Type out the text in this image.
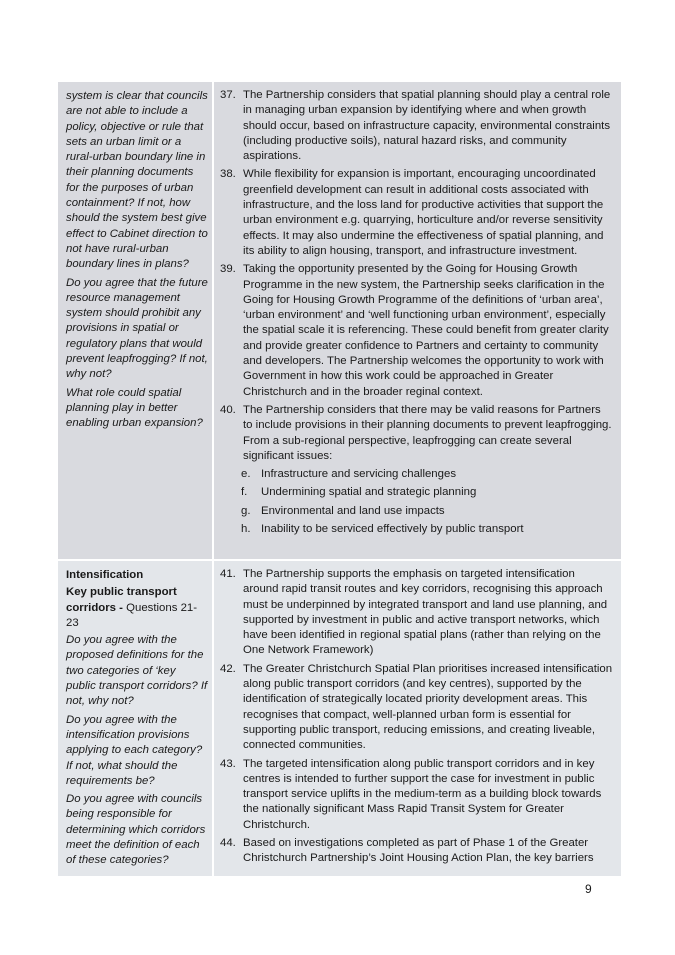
system is clear that councils are not able to include a policy, objective or rule that sets an urban limit or a rural-urban boundary line in their planning documents for the purposes of urban containment? If not, how should the system best give effect to Cabinet direction to not have rural-urban boundary lines in plans?

Do you agree that the future resource management system should prohibit any provisions in spatial or regulatory plans that would prevent leapfrogging? If not, why not?

What role could spatial planning play in better enabling urban expansion?

37. The Partnership considers that spatial planning should play a central role in managing urban expansion by identifying where and when growth should occur, based on infrastructure capacity, environmental constraints (including productive soils), natural hazard risks, and community aspirations.
38. While flexibility for expansion is important, encouraging uncoordinated greenfield development can result in additional costs associated with infrastructure, and the loss land for productive activities that support the urban environment e.g. quarrying, horticulture and/or reverse sensitivity effects. It may also undermine the effectiveness of spatial planning, and its ability to align housing, transport, and infrastructure investment.
39. Taking the opportunity presented by the Going for Housing Growth Programme in the new system, the Partnership seeks clarification in the Going for Housing Growth Programme of the definitions of ‘urban area’, ‘urban environment’ and ‘well functioning urban environment’, especially the spatial scale it is referencing. These could benefit from greater clarity and provide greater confidence to Partners and certainty to community and developers. The Partnership welcomes the opportunity to work with Government in how this work could be approached in Greater Christchurch and in the broader reginal context.
40. The Partnership considers that there may be valid reasons for Partners to include provisions in their planning documents to prevent leapfrogging. From a sub-regional perspective, leapfrogging can create several significant issues:
e. Infrastructure and servicing challenges
f.	Undermining spatial and strategic planning
g. Environmental and land use impacts
h. Inability to be serviced effectively by public transport

Intensification

Key public transport corridors - Questions 21-23

Do you agree with the proposed definitions for the two categories of ‘key public transport corridors? If not, why not?

Do you agree with the intensification provisions applying to each category? If not, what should the requirements be?

Do you agree with councils being responsible for determining which corridors meet the definition of each of these categories?

41. The Partnership supports the emphasis on targeted intensification around rapid transit routes and key corridors, recognising this approach must be underpinned by integrated transport and land use planning, and supported by investment in public and active transport networks, which have been identified in regional spatial plans (rather than relying on the One Network Framework)
42. The Greater Christchurch Spatial Plan prioritises increased intensification along public transport corridors (and key centres), supported by the identification of strategically located priority development areas. This recognises that compact, well-planned urban form is essential for supporting public transport, reducing emissions, and creating liveable, connected communities.
43. The targeted intensification along public transport corridors and in key centres is intended to further support the case for investment in public transport service uplifts in the medium-term as a building block towards the nationally significant Mass Rapid Transit System for Greater Christchurch.
44. Based on investigations completed as part of Phase 1 of the Greater Christchurch Partnership’s Joint Housing Action Plan, the key barriers
9
